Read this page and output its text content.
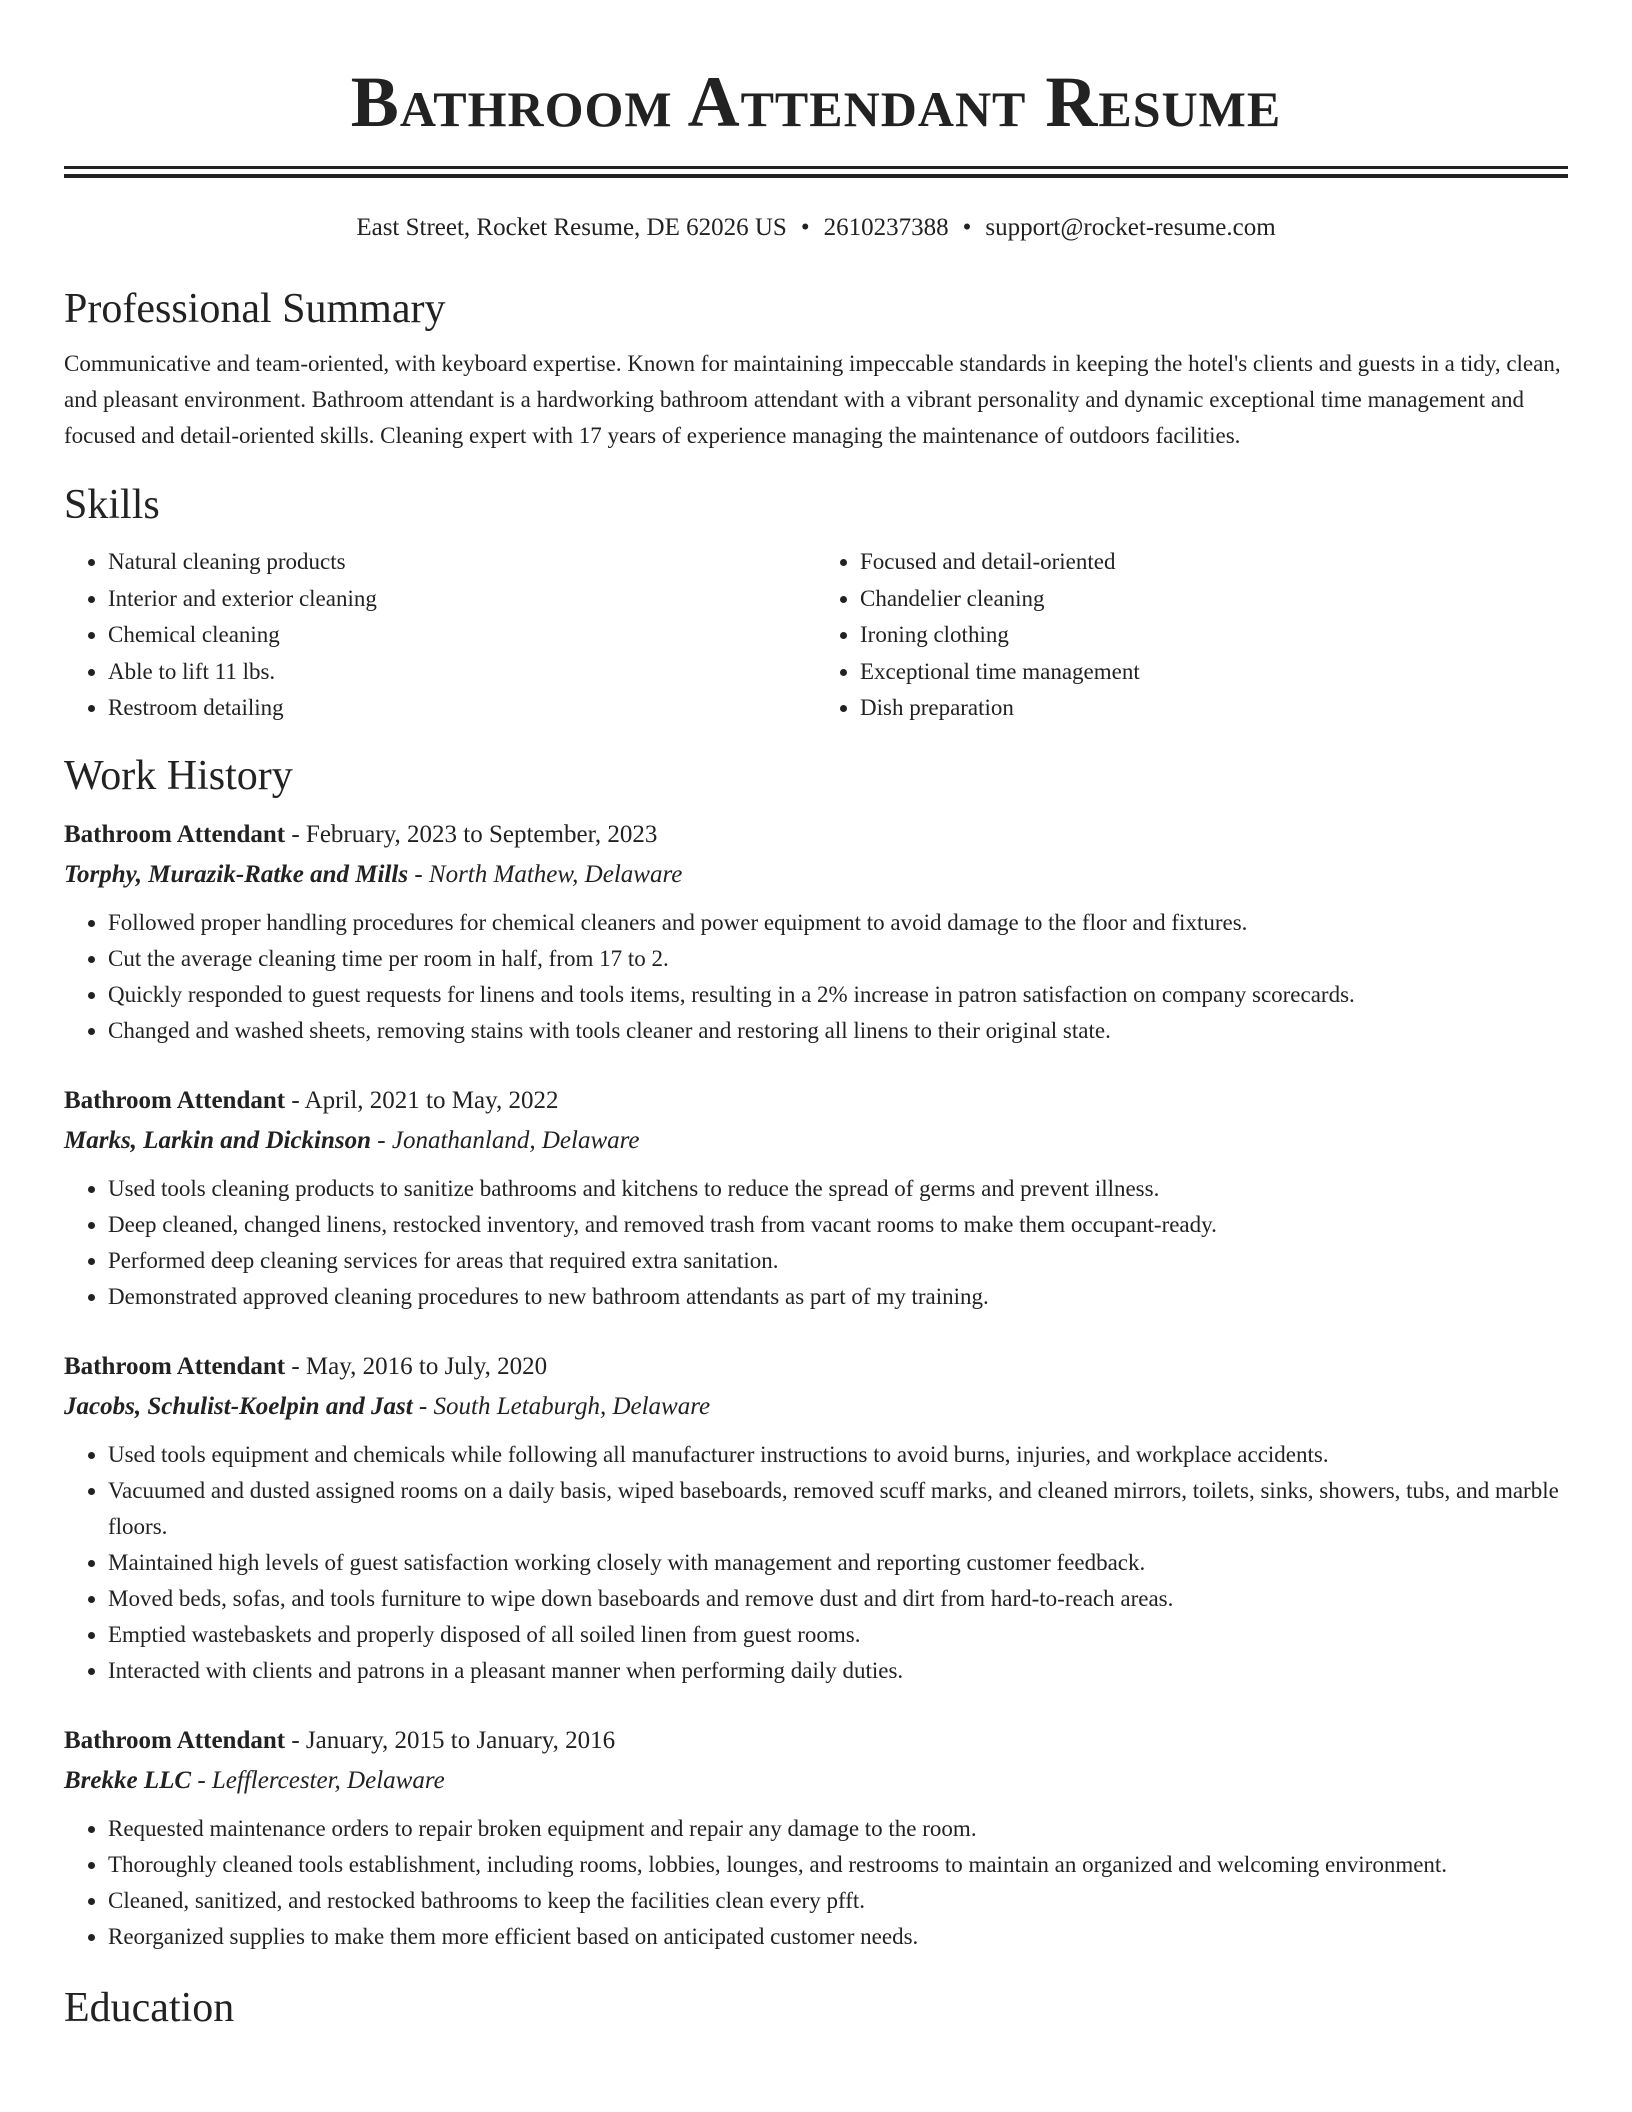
Bathroom Attendant Resume
East Street, Rocket Resume, DE 62026 US • 2610237388 • support@rocket-resume.com
Professional Summary

Communicative and team-oriented, with keyboard expertise. Known for maintaining impeccable standards in keeping the hotel's clients and guests in a tidy, clean, and pleasant environment. Bathroom attendant is a hardworking bathroom attendant with a vibrant personality and dynamic exceptional time management and focused and detail-oriented skills. Cleaning expert with 17 years of experience managing the maintenance of outdoors facilities.

Skills
• Natural cleaning products
• Interior and exterior cleaning
• Chemical cleaning
• Able to lift 11 lbs.
• Restroom detailing
• Focused and detail-oriented
• Chandelier cleaning
• Ironing clothing
• Exceptional time management
• Dish preparation
Work History
Bathroom Attendant - February, 2023 to September, 2023
Torphy, Murazik-Ratke and Mills - North Mathew, Delaware
• Followed proper handling procedures for chemical cleaners and power equipment to avoid damage to the floor and fixtures.
• Cut the average cleaning time per room in half, from 17 to 2.
• Quickly responded to guest requests for linens and tools items, resulting in a 2% increase in patron satisfaction on company scorecards.
• Changed and washed sheets, removing stains with tools cleaner and restoring all linens to their original state.
Bathroom Attendant - April, 2021 to May, 2022
Marks, Larkin and Dickinson - Jonathanland, Delaware
• Used tools cleaning products to sanitize bathrooms and kitchens to reduce the spread of germs and prevent illness.
• Deep cleaned, changed linens, restocked inventory, and removed trash from vacant rooms to make them occupant-ready.
• Performed deep cleaning services for areas that required extra sanitation.
• Demonstrated approved cleaning procedures to new bathroom attendants as part of my training.
Bathroom Attendant - May, 2016 to July, 2020
Jacobs, Schulist-Koelpin and Jast - South Letaburgh, Delaware
• Used tools equipment and chemicals while following all manufacturer instructions to avoid burns, injuries, and workplace accidents.
• Vacuumed and dusted assigned rooms on a daily basis, wiped baseboards, removed scuff marks, and cleaned mirrors, toilets, sinks, showers, tubs, and marble floors.
• Maintained high levels of guest satisfaction working closely with management and reporting customer feedback.
• Moved beds, sofas, and tools furniture to wipe down baseboards and remove dust and dirt from hard-to-reach areas.
• Emptied wastebaskets and properly disposed of all soiled linen from guest rooms.
• Interacted with clients and patrons in a pleasant manner when performing daily duties.
Bathroom Attendant - January, 2015 to January, 2016
Brekke LLC - Lefflercester, Delaware
• Requested maintenance orders to repair broken equipment and repair any damage to the room.
• Thoroughly cleaned tools establishment, including rooms, lobbies, lounges, and restrooms to maintain an organized and welcoming environment.
• Cleaned, sanitized, and restocked bathrooms to keep the facilities clean every pfft.
• Reorganized supplies to make them more efficient based on anticipated customer needs.
Education
